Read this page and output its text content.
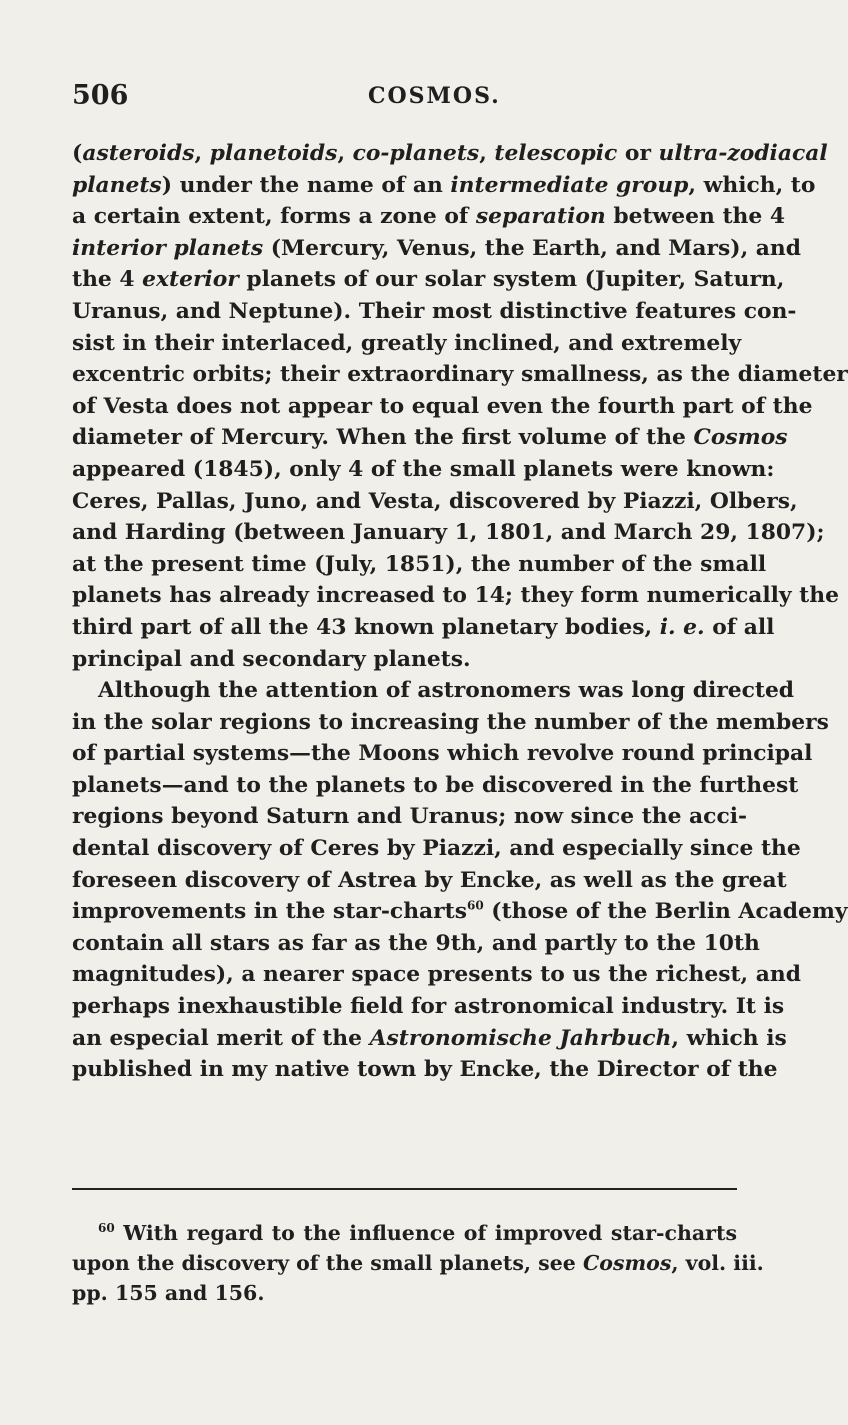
506	COSMOS.
(asteroids, planetoids, co-planets, telescopic or ultra-zodiacal
planets) under the name of an intermediate group, which, to
a certain extent, forms a zone of separation between the 4
interior planets (Mercury, Venus, the Earth, and Mars), and
the 4 exterior planets of our solar system (Jupiter, Saturn,
Uranus, and Neptune). Their most distinctive features con-
sist in their interlaced, greatly inclined, and extremely
excentric orbits; their extraordinary smallness, as the diameter
of Vesta does not appear to equal even the fourth part of the
diameter of Mercury. When the first volume of the Cosmos
appeared (1845), only 4 of the small planets were known:
Ceres, Pallas, Juno, and Vesta, discovered by Piazzi, Olbers,
and Harding (between January 1, 1801, and March 29, 1807);
at the present time (July, 1851), the number of the small
planets has already increased to 14; they form numerically the
third part of all the 43 known planetary bodies, i. e. of all
principal and secondary planets.
Although the attention of astronomers was long directed
in the solar regions to increasing the number of the members
of partial systems—the Moons which revolve round principal
planets—and to the planets to be discovered in the furthest
regions beyond Saturn and Uranus; now since the acci-
dental discovery of Ceres by Piazzi, and especially since the
foreseen discovery of Astrea by Encke, as well as the great
improvements in the star-charts$^{60}$ (those of the Berlin Academy
contain all stars as far as the 9th, and partly to the 10th
magnitudes), a nearer space presents to us the richest, and
perhaps inexhaustible field for astronomical industry. It is
an especial merit of the Astronomische Jahrbuch, which is
published in my native town by Encke, the Director of the
$^{60}$ With regard to the influence of improved star-charts
upon the discovery of the small planets, see Cosmos, vol. iii.
pp. 155 and 156.
